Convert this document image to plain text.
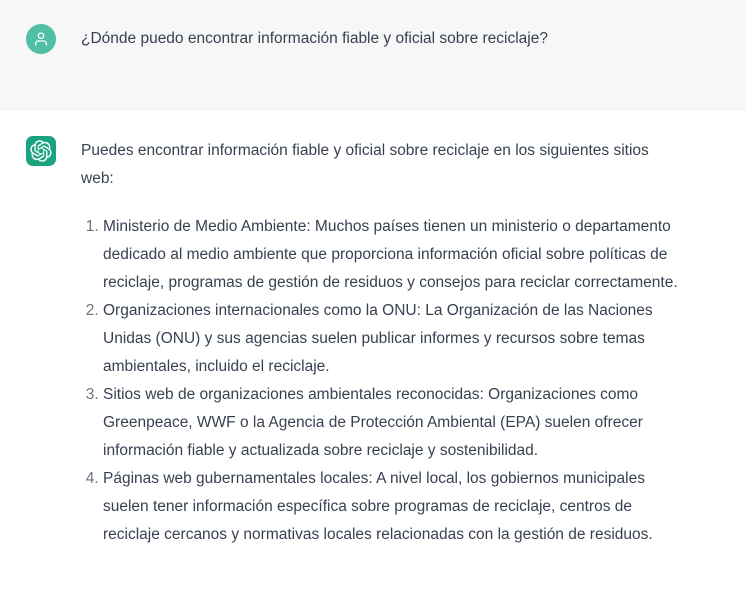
¿Dónde puedo encontrar información fiable y oficial sobre reciclaje?

Puedes encontrar información fiable y oficial sobre reciclaje en los siguientes sitios web:

1. Ministerio de Medio Ambiente: Muchos países tienen un ministerio o departamento dedicado al medio ambiente que proporciona información oficial sobre políticas de reciclaje, programas de gestión de residuos y consejos para reciclar correctamente.
2. Organizaciones internacionales como la ONU: La Organización de las Naciones Unidas (ONU) y sus agencias suelen publicar informes y recursos sobre temas ambientales, incluido el reciclaje.
3. Sitios web de organizaciones ambientales reconocidas: Organizaciones como Greenpeace, WWF o la Agencia de Protección Ambiental (EPA) suelen ofrecer información fiable y actualizada sobre reciclaje y sostenibilidad.
4. Páginas web gubernamentales locales: A nivel local, los gobiernos municipales suelen tener información específica sobre programas de reciclaje, centros de reciclaje cercanos y normativas locales relacionadas con la gestión de residuos.
